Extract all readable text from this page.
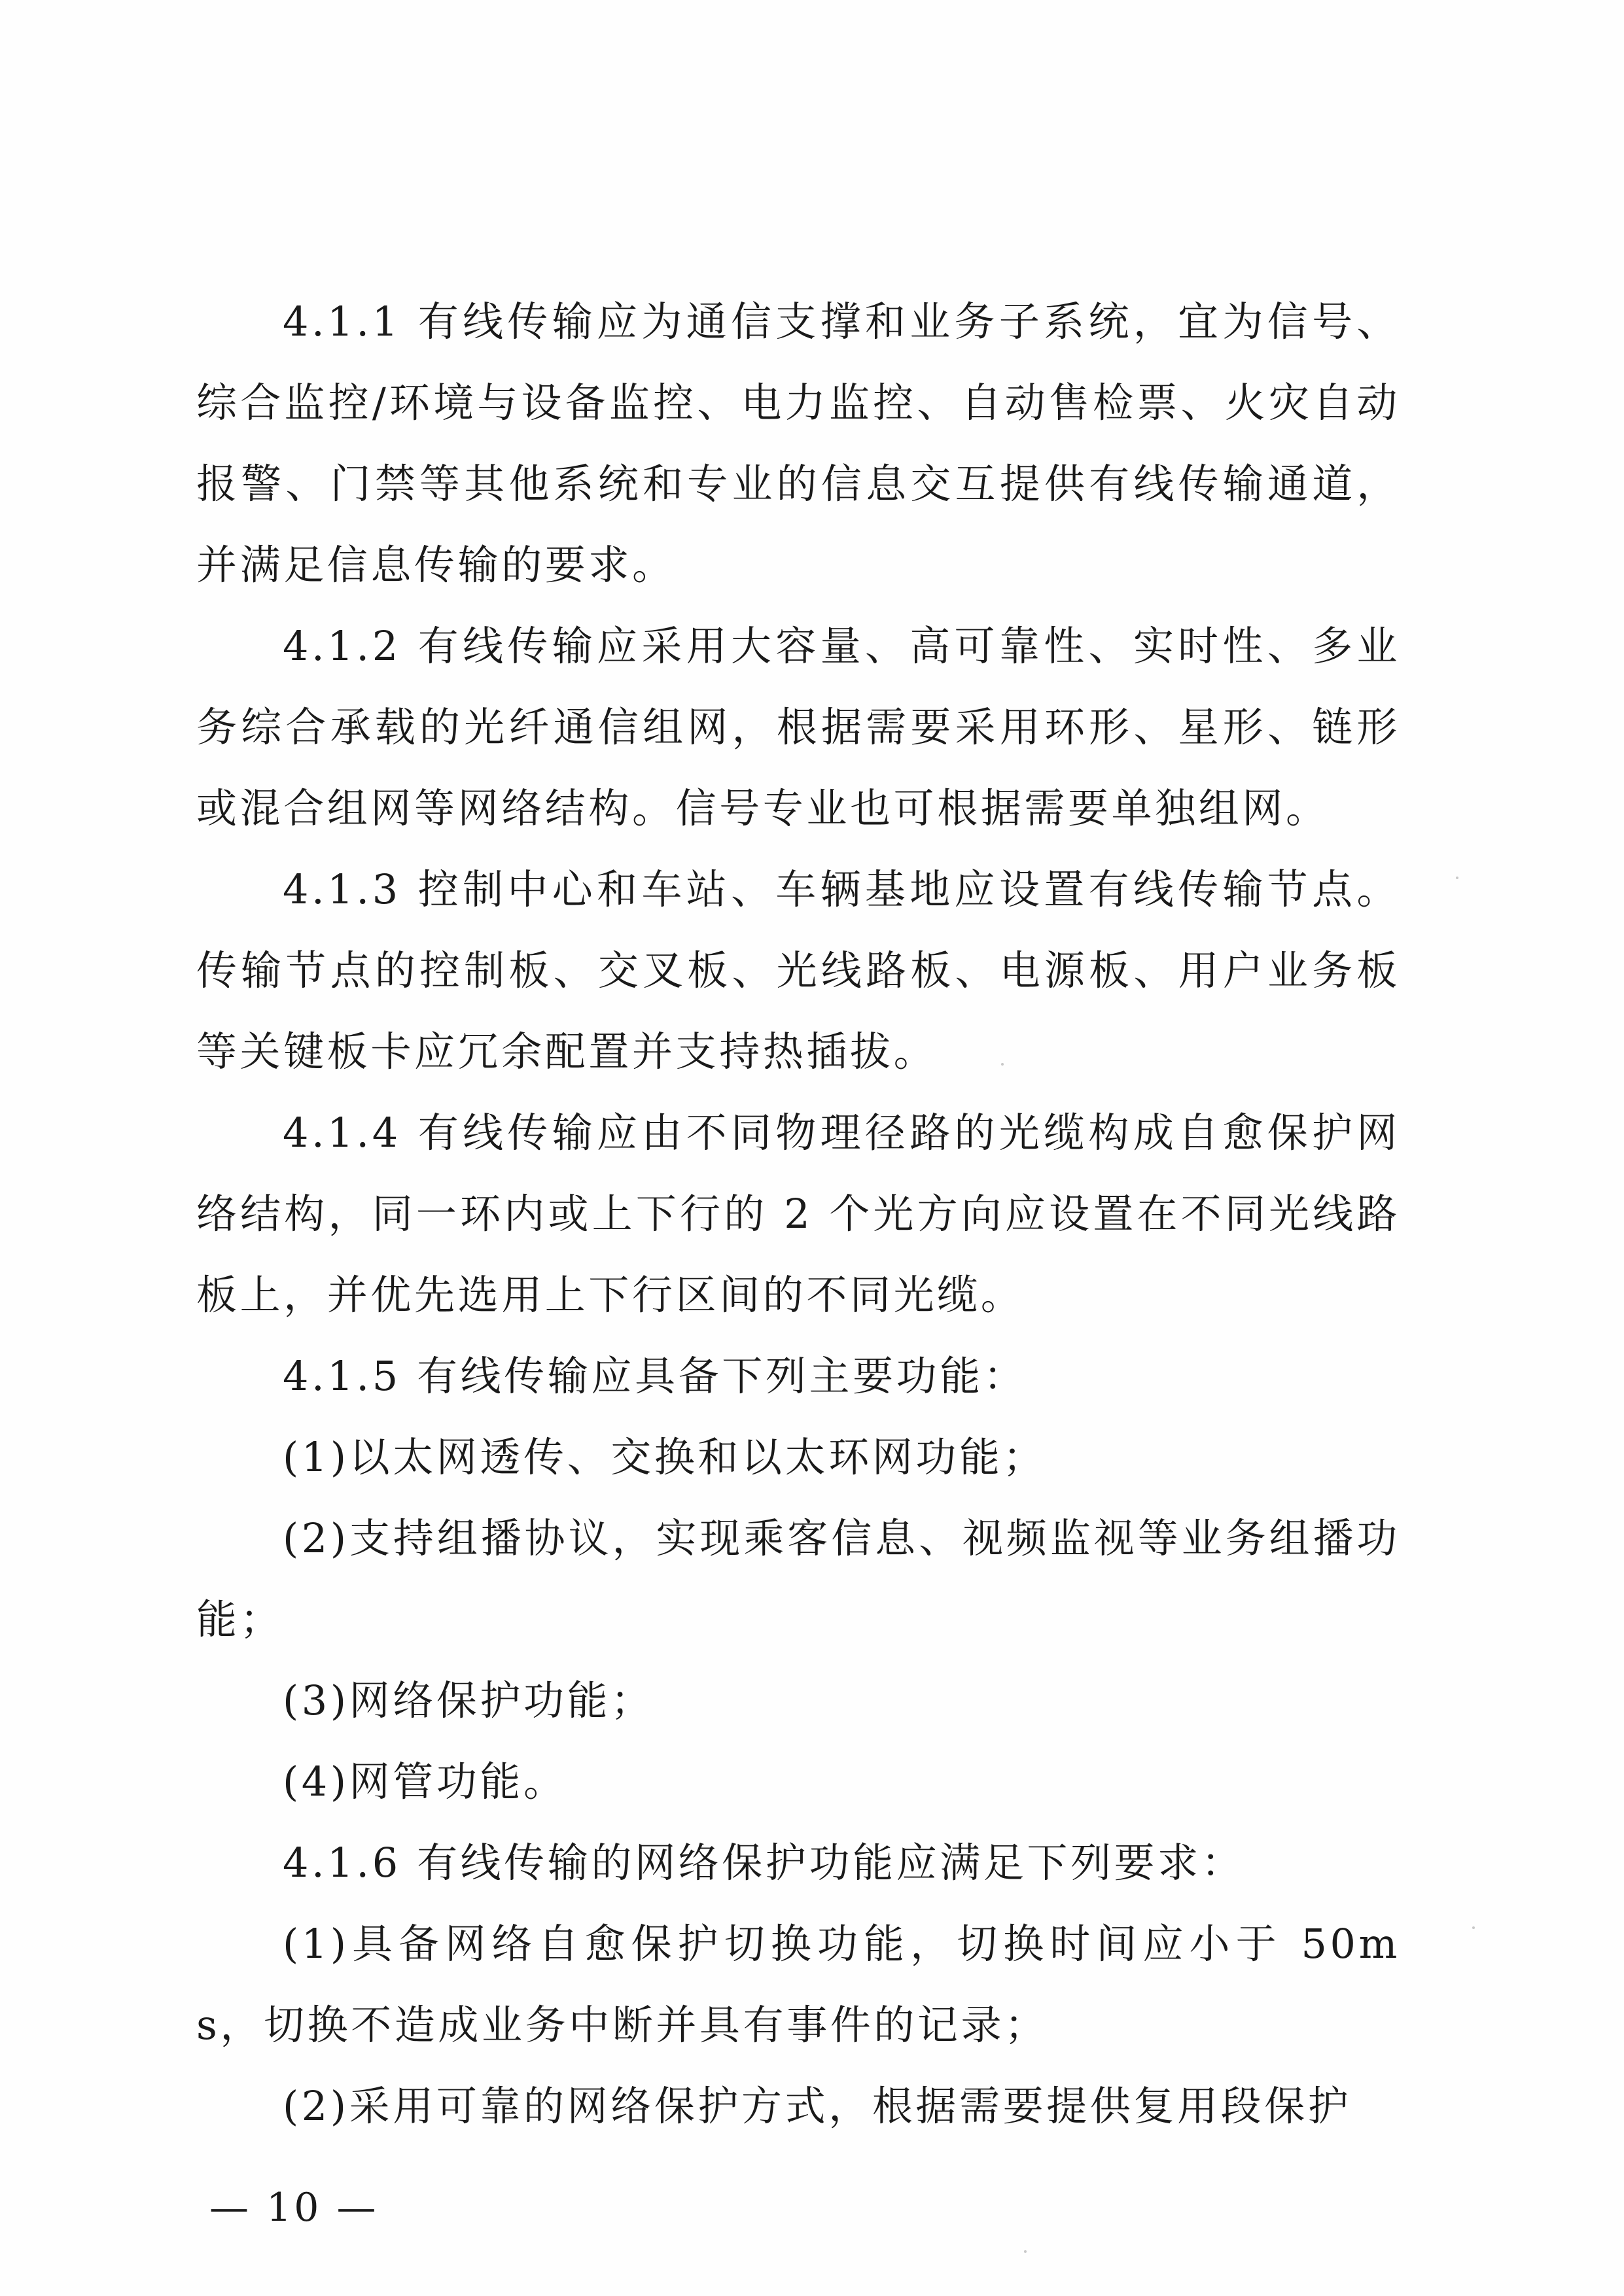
4.1.1 有线传输应为通信支撑和业务子系统，宜为信号、综合监控/环境与设备监控、电力监控、自动售检票、火灾自动报警、门禁等其他系统和专业的信息交互提供有线传输通道，并满足信息传输的要求。

4.1.2 有线传输应采用大容量、高可靠性、实时性、多业务综合承载的光纤通信组网，根据需要采用环形、星形、链形或混合组网等网络结构。信号专业也可根据需要单独组网。

4.1.3 控制中心和车站、车辆基地应设置有线传输节点。传输节点的控制板、交叉板、光线路板、电源板、用户业务板等关键板卡应冗余配置并支持热插拔。

4.1.4 有线传输应由不同物理径路的光缆构成自愈保护网络结构，同一环内或上下行的 2 个光方向应设置在不同光线路板上，并优先选用上下行区间的不同光缆。

4.1.5 有线传输应具备下列主要功能：

(1)以太网透传、交换和以太环网功能；

(2)支持组播协议，实现乘客信息、视频监视等业务组播功能；

(3)网络保护功能；

(4)网管功能。

4.1.6 有线传输的网络保护功能应满足下列要求：

(1)具备网络自愈保护切换功能，切换时间应小于 50ms，切换不造成业务中断并具有事件的记录；

(2)采用可靠的网络保护方式，根据需要提供复用段保护

— 10 —
